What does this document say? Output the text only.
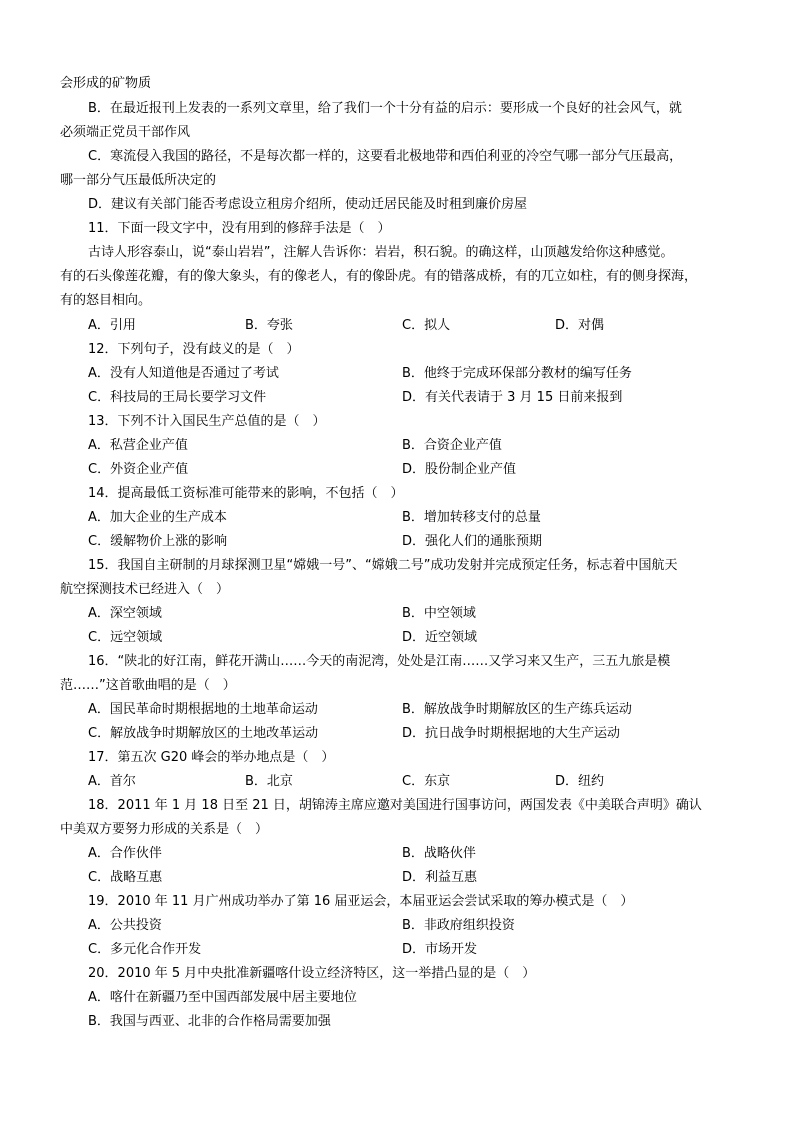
会形成的矿物质
B．在最近报刊上发表的一系列文章里，给了我们一个十分有益的启示：要形成一个良好的社会风气，就
必须端正党员干部作风
C．寒流侵入我国的路径，不是每次都一样的，这要看北极地带和西伯利亚的冷空气哪一部分气压最高，
哪一部分气压最低所决定的
D．建议有关部门能否考虑设立租房介绍所，使动迁居民能及时租到廉价房屋
11．下面一段文字中，没有用到的修辞手法是（　）
古诗人形容泰山，说“泰山岩岩”，注解人告诉你：岩岩，积石貌。的确这样，山顶越发给你这种感觉。
有的石头像莲花瓣，有的像大象头，有的像老人，有的像卧虎。有的错落成桥，有的兀立如柱，有的侧身探海，
有的怒目相向。
A．引用	B．夸张	C．拟人	D．对偶
12．下列句子，没有歧义的是（　）
A．没有人知道他是否通过了考试	B．他终于完成环保部分教材的编写任务
C．科技局的王局长要学习文件	D．有关代表请于 3 月 15 日前来报到
13．下列不计入国民生产总值的是（　）
A．私营企业产值	B．合资企业产值
C．外资企业产值	D．股份制企业产值
14．提高最低工资标准可能带来的影响，不包括（　）
A．加大企业的生产成本	B．增加转移支付的总量
C．缓解物价上涨的影响	D．强化人们的通胀预期
15．我国自主研制的月球探测卫星“嫦娥一号”、“嫦娥二号”成功发射并完成预定任务，标志着中国航天
航空探测技术已经进入（　）
A．深空领域	B．中空领域
C．远空领域	D．近空领域
16．“陕北的好江南，鲜花开满山……今天的南泥湾，处处是江南……又学习来又生产，三五九旅是模
范……”这首歌曲唱的是（　）
A．国民革命时期根据地的土地革命运动	B．解放战争时期解放区的生产练兵运动
C．解放战争时期解放区的土地改革运动	D．抗日战争时期根据地的大生产运动
17．第五次 G20 峰会的举办地点是（　）
A．首尔	B．北京	C．东京	D．纽约
18．2011 年 1 月 18 日至 21 日，胡锦涛主席应邀对美国进行国事访问，两国发表《中美联合声明》确认
中美双方要努力形成的关系是（　）
A．合作伙伴	B．战略伙伴
C．战略互惠	D．利益互惠
19．2010 年 11 月广州成功举办了第 16 届亚运会，本届亚运会尝试采取的筹办模式是（　）
A．公共投资	B．非政府组织投资
C．多元化合作开发	D．市场开发
20．2010 年 5 月中央批准新疆喀什设立经济特区，这一举措凸显的是（　）
A．喀什在新疆乃至中国西部发展中居主要地位
B．我国与西亚、北非的合作格局需要加强
